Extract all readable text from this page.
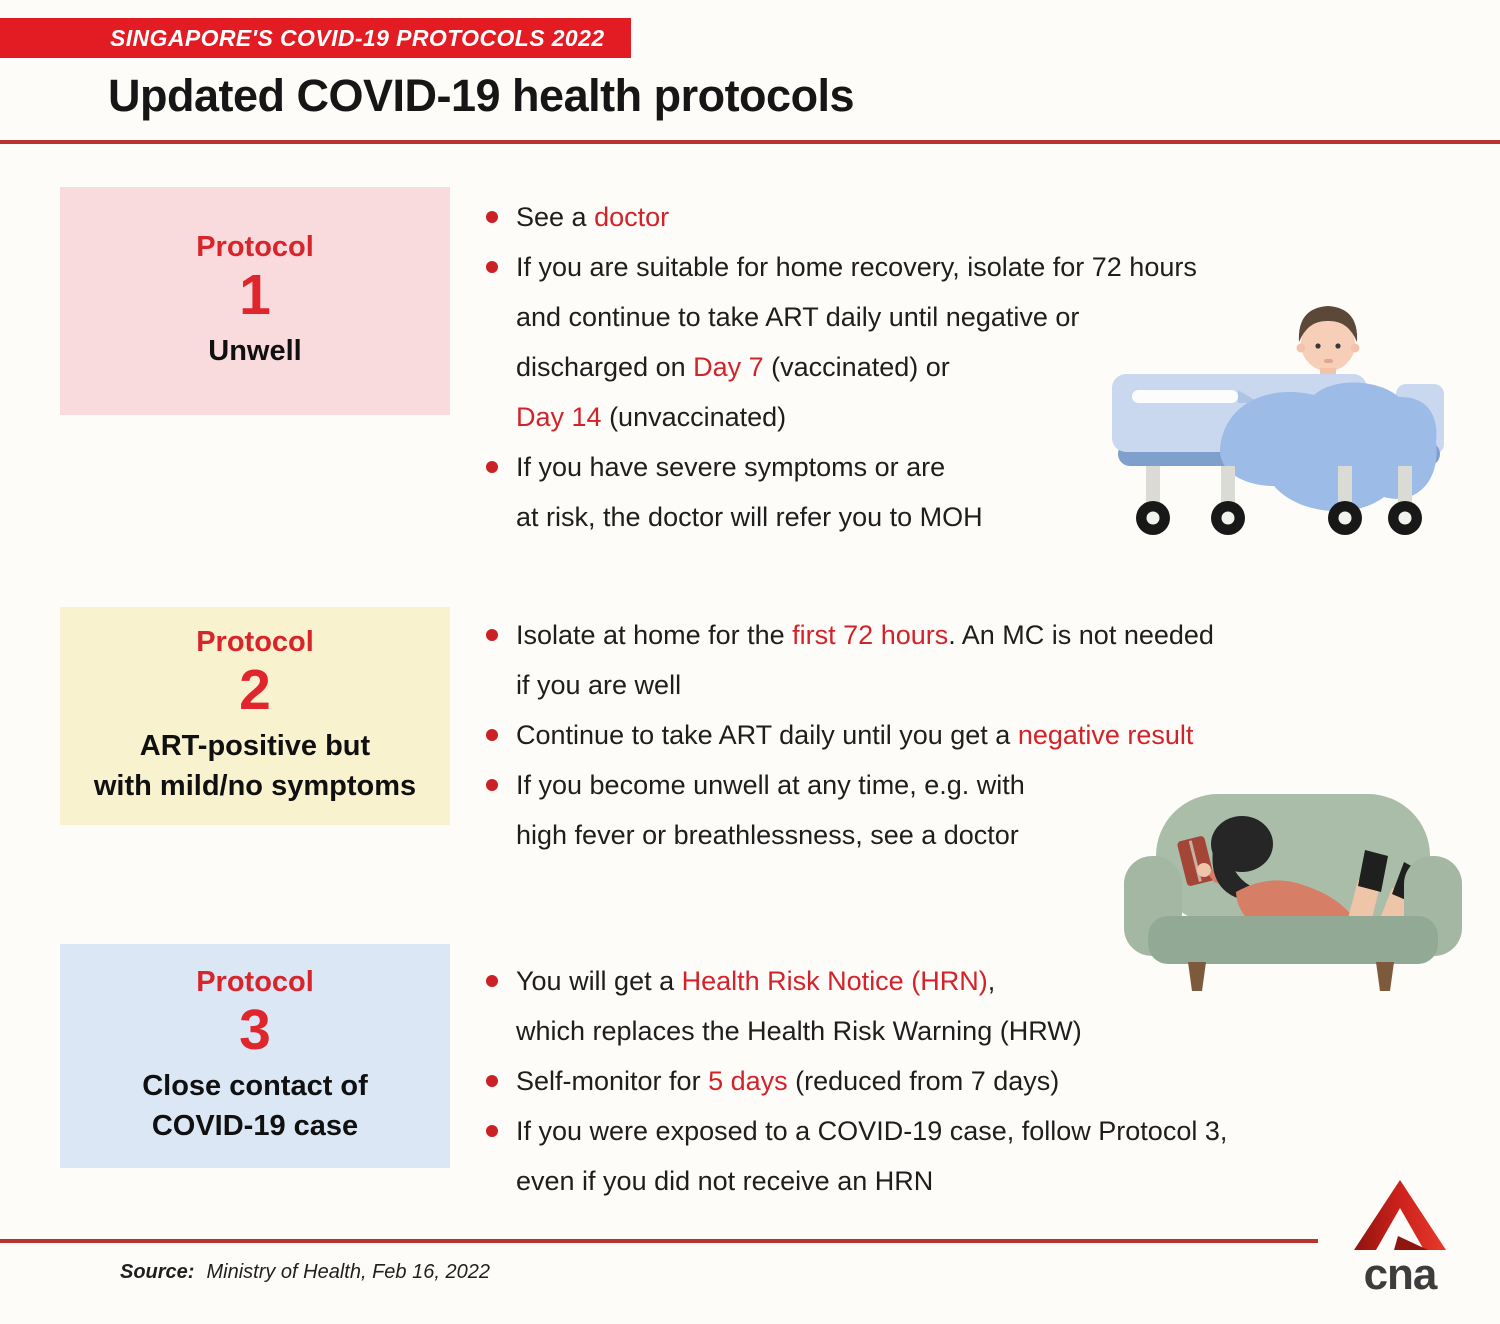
SINGAPORE'S COVID-19 PROTOCOLS 2022
Updated COVID-19 health protocols
Protocol
1
Unwell
See a doctor
If you are suitable for home recovery, isolate for 72 hours
and continue to take ART daily until negative or
discharged on Day 7 (vaccinated) or
Day 14 (unvaccinated)
If you have severe symptoms or are
at risk, the doctor will refer you to MOH
Protocol
2
ART-positive but
with mild/no symptoms
Isolate at home for the first 72 hours. An MC is not needed
if you are well
Continue to take ART daily until you get a negative result
If you become unwell at any time, e.g. with
high fever or breathlessness, see a doctor
Protocol
3
Close contact of
COVID-19 case
You will get a Health Risk Notice (HRN),
which replaces the Health Risk Warning (HRW)
Self-monitor for 5 days (reduced from 7 days)
If you were exposed to a COVID-19 case, follow Protocol 3,
even if you did not receive an HRN
Source: Ministry of Health, Feb 16, 2022	cna
